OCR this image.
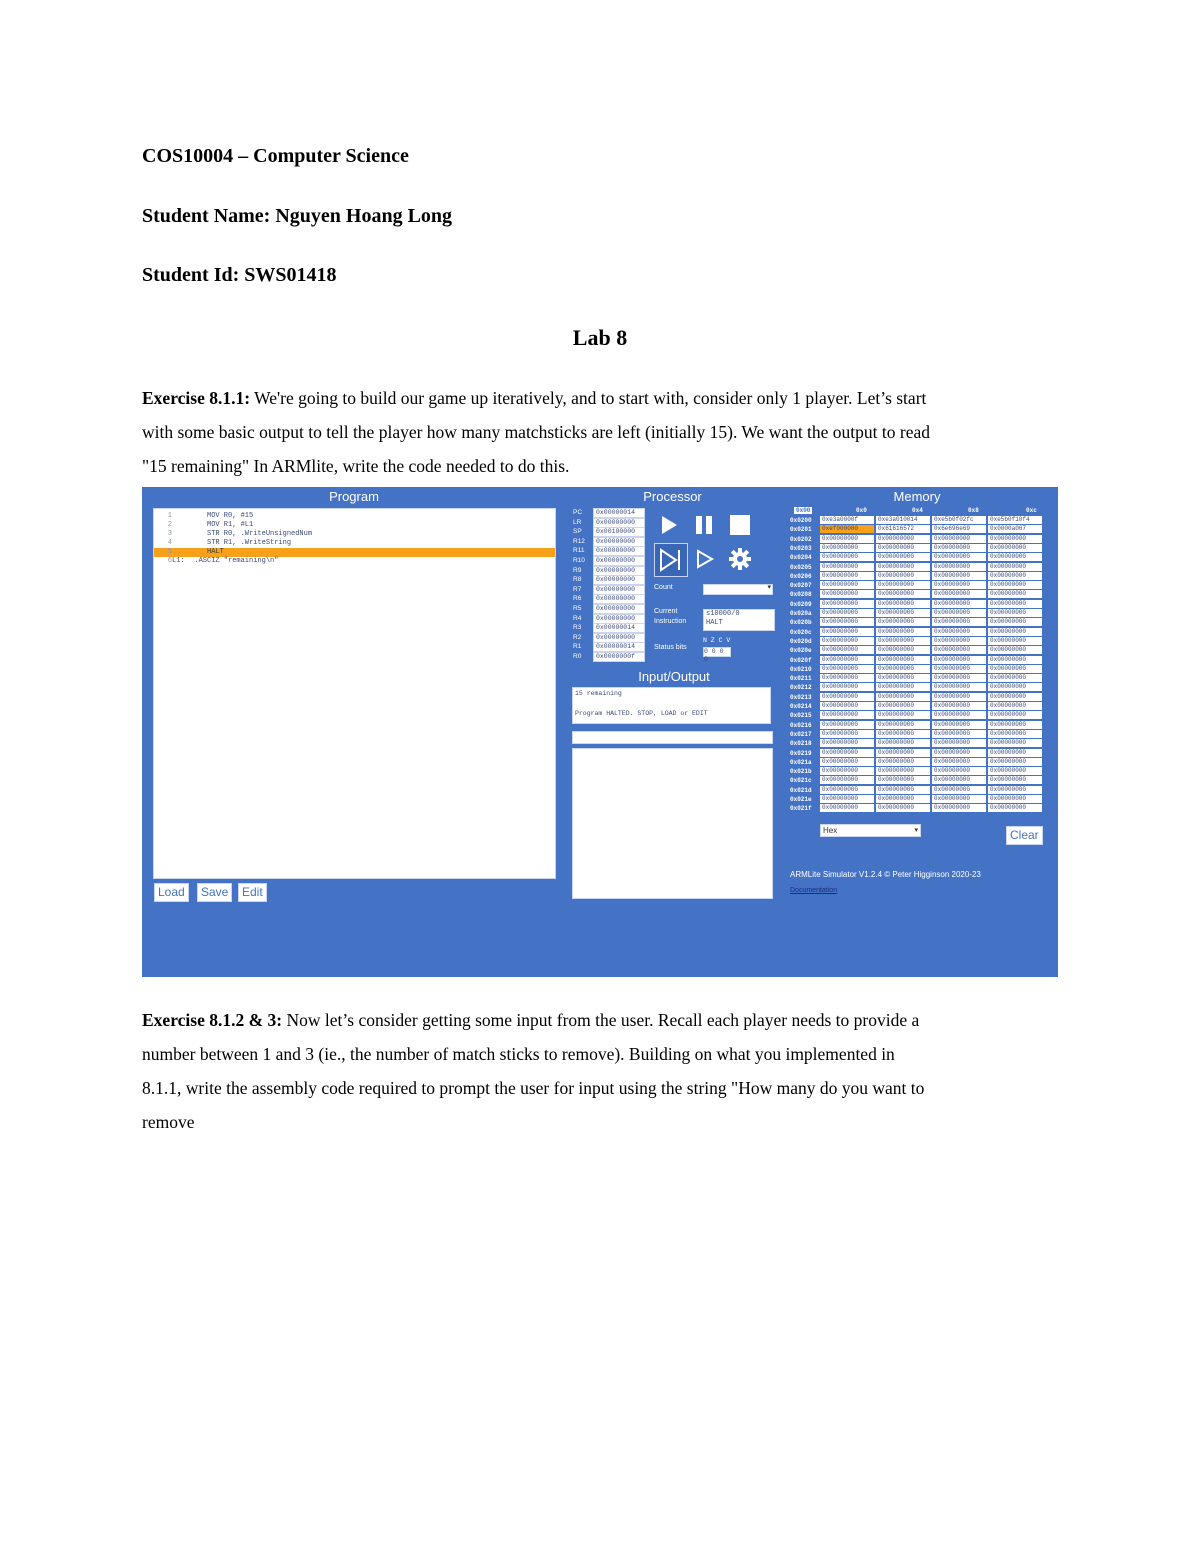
COS10004 – Computer Science
Student Name: Nguyen Hoang Long
Student Id: SWS01418
Lab 8

Exercise 8.1.1: We're going to build our game up iteratively, and to start with, consider only 1 player. Let’s start

with some basic output to tell the player how many matchsticks are left (initially 15). We want the output to read

"15 remaining" In ARMlite, write the code needed to do this.

Program
1     MOV R0, #15
2     MOV R1, #L1
3     STR R0, .WriteUnsignedNum
4     STR R1, .WriteString
5     HALT
6L1:  .ASCIZ "remaining\n"
Load	Save	Edit
Processor
PC	0x00000014
LR	0x00000000
SP	0x00100000
R12	0x00000000
R11	0x00000000
R10	0x00000000
R9	0x00000000
R8	0x00000000
R7	0x00000000
R6	0x00000000
R5	0x00000000
R4	0x00000000
R3	0x00000014
R2	0x00000000
R1	0x00000014
R0	0x0000000f
Count	▾
Current
Instruction
s10000/0
HALT
Status bits
N Z C V
0 0 0 0
Input/Output
15 remaining
Program HALTED. STOP, LOAD or EDIT
Memory
0x00	0x0	0x4	0x8	0xc
0x0200	0xe3a0000f	0xe3a010014	0xe5b0f02fc	0xe5b0f10f4
0x0201	0xef000000	0x61616572	0x6e696e69	0x0000a067
0x0202	0x00000000	0x00000000	0x00000000	0x00000000
0x0203	0x00000000	0x00000000	0x00000000	0x00000000
0x0204	0x00000000	0x00000000	0x00000000	0x00000000
0x0205	0x00000000	0x00000000	0x00000000	0x00000000
0x0206	0x00000000	0x00000000	0x00000000	0x00000000
0x0207	0x00000000	0x00000000	0x00000000	0x00000000
0x0208	0x00000000	0x00000000	0x00000000	0x00000000
0x0209	0x00000000	0x00000000	0x00000000	0x00000000
0x020a	0x00000000	0x00000000	0x00000000	0x00000000
0x020b	0x00000000	0x00000000	0x00000000	0x00000000
0x020c	0x00000000	0x00000000	0x00000000	0x00000000
0x020d	0x00000000	0x00000000	0x00000000	0x00000000
0x020e	0x00000000	0x00000000	0x00000000	0x00000000
0x020f	0x00000000	0x00000000	0x00000000	0x00000000
0x0210	0x00000000	0x00000000	0x00000000	0x00000000
0x0211	0x00000000	0x00000000	0x00000000	0x00000000
0x0212	0x00000000	0x00000000	0x00000000	0x00000000
0x0213	0x00000000	0x00000000	0x00000000	0x00000000
0x0214	0x00000000	0x00000000	0x00000000	0x00000000
0x0215	0x00000000	0x00000000	0x00000000	0x00000000
0x0216	0x00000000	0x00000000	0x00000000	0x00000000
0x0217	0x00000000	0x00000000	0x00000000	0x00000000
0x0218	0x00000000	0x00000000	0x00000000	0x00000000
0x0219	0x00000000	0x00000000	0x00000000	0x00000000
0x021a	0x00000000	0x00000000	0x00000000	0x00000000
0x021b	0x00000000	0x00000000	0x00000000	0x00000000
0x021c	0x00000000	0x00000000	0x00000000	0x00000000
0x021d	0x00000000	0x00000000	0x00000000	0x00000000
0x021e	0x00000000	0x00000000	0x00000000	0x00000000
0x021f	0x00000000	0x00000000	0x00000000	0x00000000
Hex	▾	Clear
ARMLite Simulator V1.2.4 © Peter Higginson 2020-23
Documentation

Exercise 8.1.2 & 3: Now let’s consider getting some input from the user. Recall each player needs to provide a

number between 1 and 3 (ie., the number of match sticks to remove). Building on what you implemented in

8.1.1, write the assembly code required to prompt the user for input using the string "How many do you want to

remove
